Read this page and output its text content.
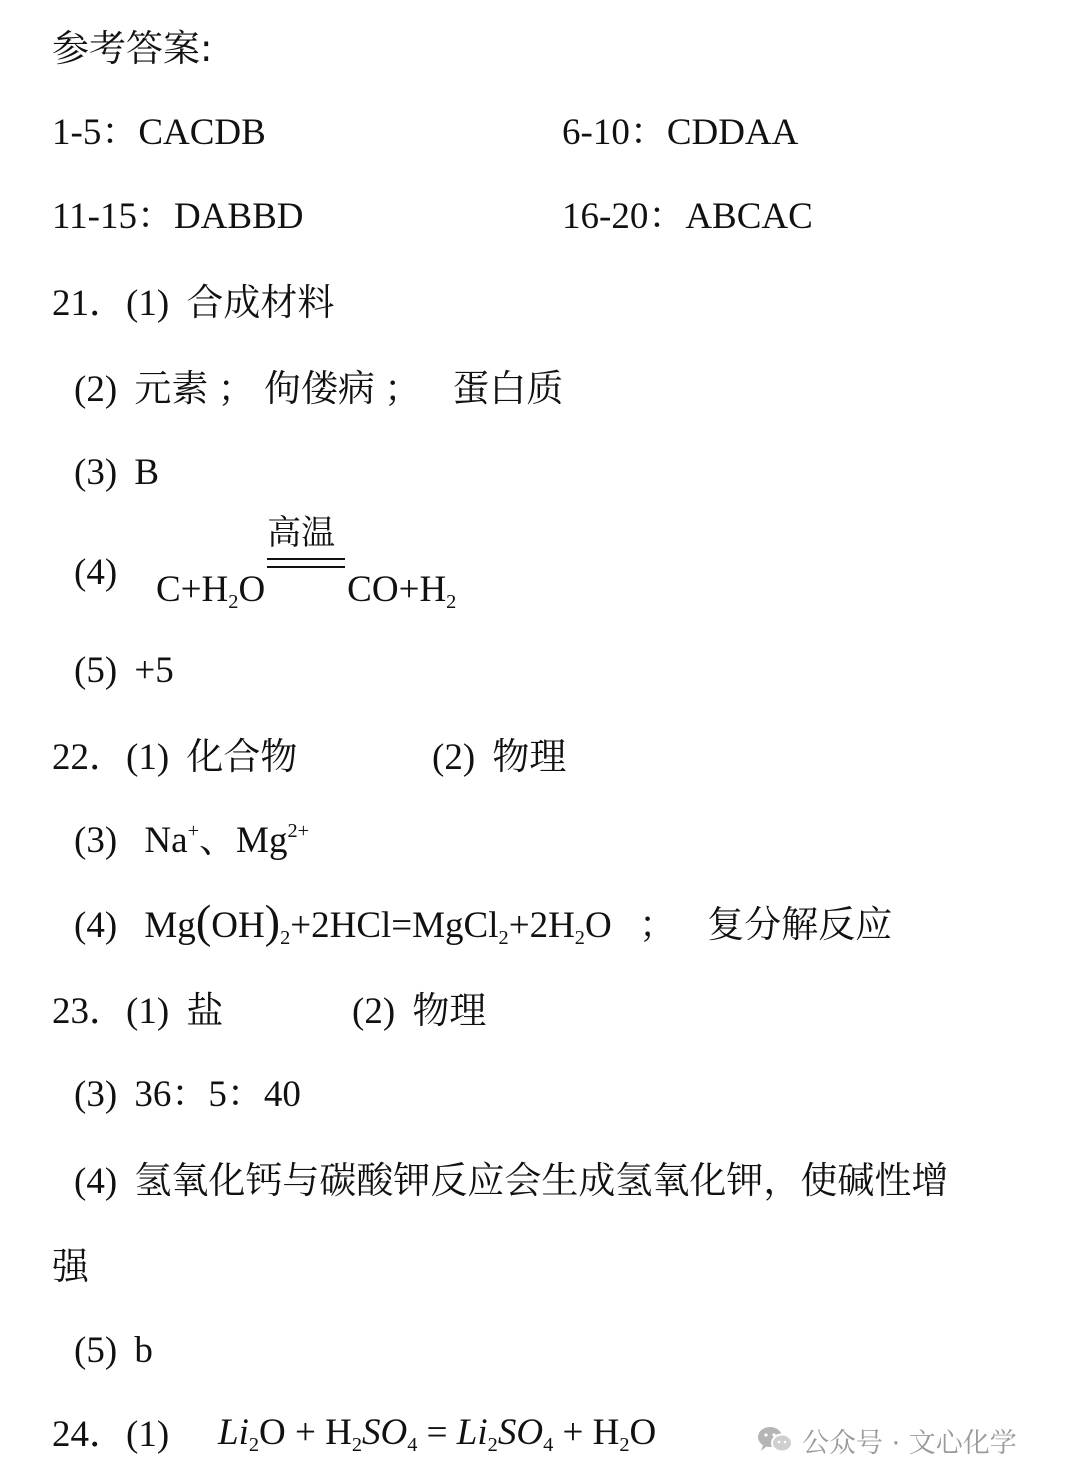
参考答案:
1-5：CACDB	6-10：CDDAA
11-15：DABBD	16-20：ABCAC
21．(1) 合成材料
(2) 元素 ； 佝偻病 ； 蛋白质
(3) B
(4) $C+H_2O$
高温
$CO+H_2$
(5) +5
22．(1) 化合物	(2) 物理
(3) Na+、$Mg^{2+}$
(4) $Mg(OH)_2+2HCl=MgCl_2+2H_2O$ ； 复分解反应
23．(1) 盐	(2) 物理
(3) 36：5：40
(4) 氢氧化钙与碳酸钾反应会生成氢氧化钾，使碱性增
强
(5) b
24．(1) $Li_2O + H_2SO_4 = Li_2SO_4 + H_2O$	公众号 · 文心化学
